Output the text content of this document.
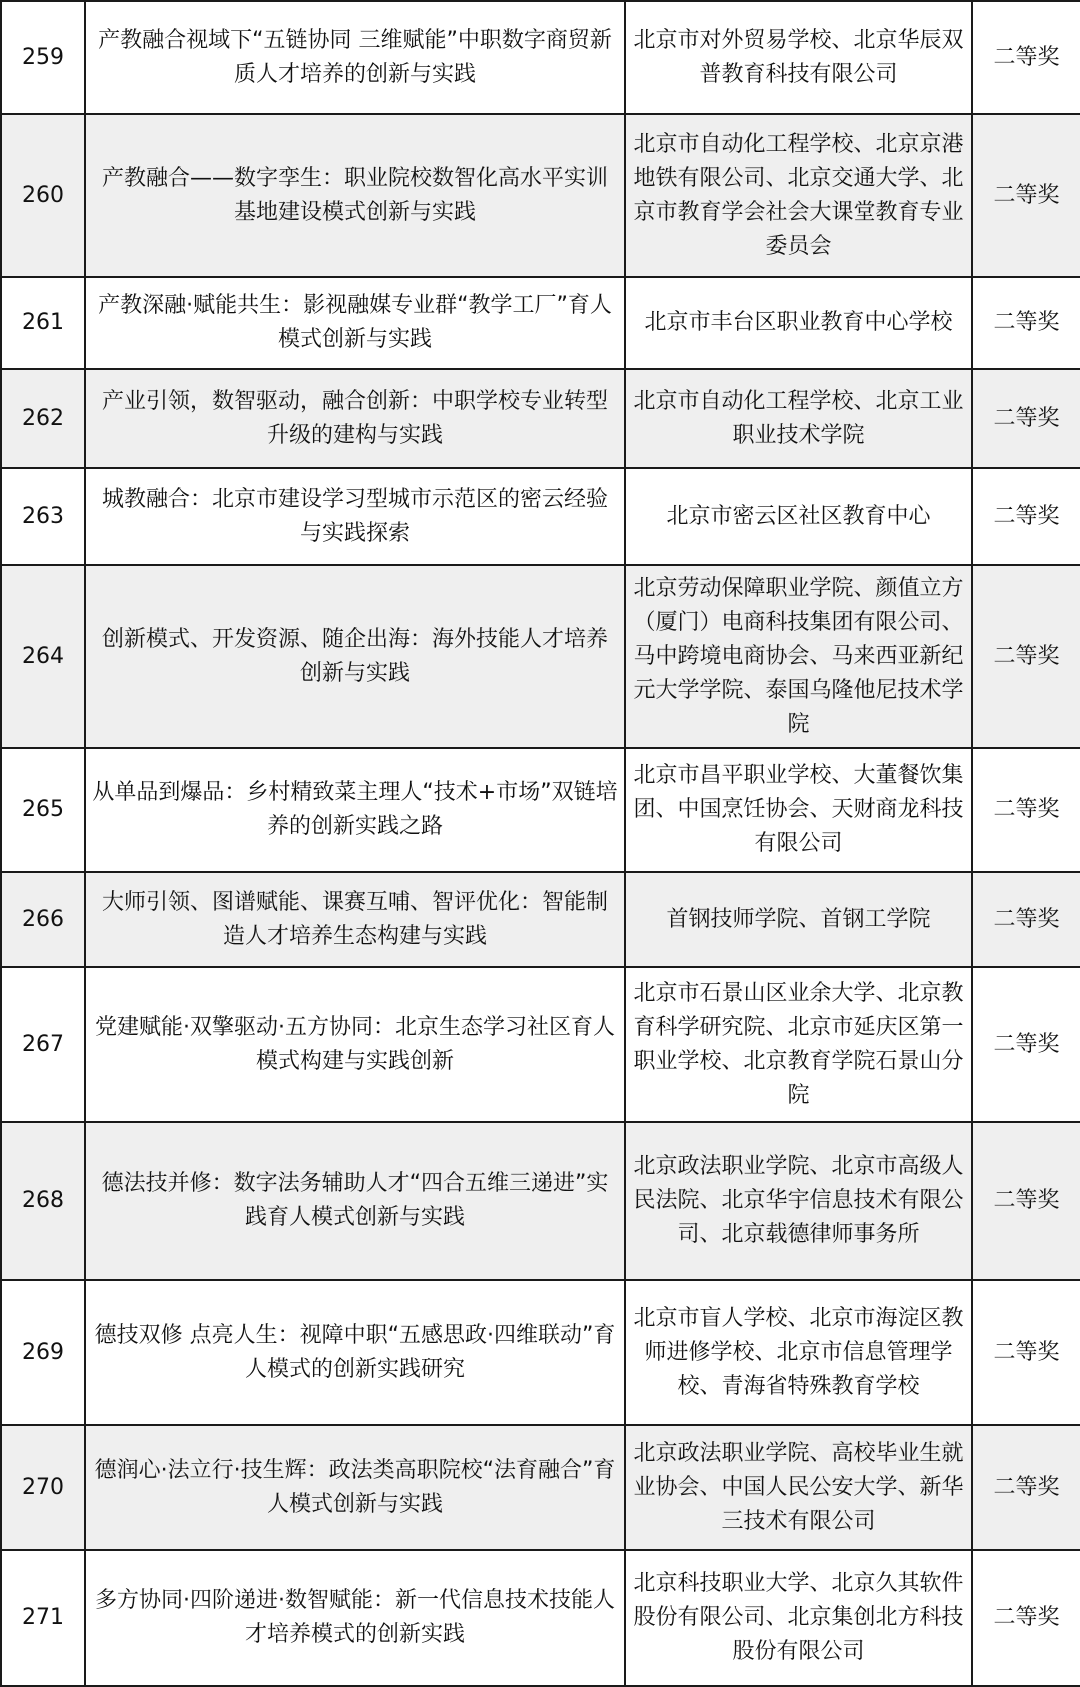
259	产教融合视域下“五链协同 三维赋能”中职数字商贸新质人才培养的创新与实践	北京市对外贸易学校、北京华辰双普教育科技有限公司	二等奖
260	产教融合——数字孪生：职业院校数智化高水平实训基地建设模式创新与实践	北京市自动化工程学校、北京京港地铁有限公司、北京交通大学、北京市教育学会社会大课堂教育专业委员会	二等奖
261	产教深融·赋能共生：影视融媒专业群“教学工厂”育人模式创新与实践	北京市丰台区职业教育中心学校	二等奖
262	产业引领，数智驱动，融合创新：中职学校专业转型升级的建构与实践	北京市自动化工程学校、北京工业职业技术学院	二等奖
263	城教融合：北京市建设学习型城市示范区的密云经验与实践探索	北京市密云区社区教育中心	二等奖
264	创新模式、开发资源、随企出海：海外技能人才培养创新与实践	北京劳动保障职业学院、颜值立方（厦门）电商科技集团有限公司、马中跨境电商协会、马来西亚新纪元大学学院、泰国乌隆他尼技术学院	二等奖
265	从单品到爆品：乡村精致菜主理人“技术+市场”双链培养的创新实践之路	北京市昌平职业学校、大董餐饮集团、中国烹饪协会、天财商龙科技有限公司	二等奖
266	大师引领、图谱赋能、课赛互哺、智评优化：智能制造人才培养生态构建与实践	首钢技师学院、首钢工学院	二等奖
267	党建赋能·双擎驱动·五方协同：北京生态学习社区育人模式构建与实践创新	北京市石景山区业余大学、北京教育科学研究院、北京市延庆区第一职业学校、北京教育学院石景山分院	二等奖
268	德法技并修：数字法务辅助人才“四合五维三递进”实践育人模式创新与实践	北京政法职业学院、北京市高级人民法院、北京华宇信息技术有限公司、北京载德律师事务所	二等奖
269	德技双修 点亮人生：视障中职“五感思政·四维联动”育人模式的创新实践研究	北京市盲人学校、北京市海淀区教师进修学校、北京市信息管理学校、青海省特殊教育学校	二等奖
270	德润心·法立行·技生辉：政法类高职院校“法育融合”育人模式创新与实践	北京政法职业学院、高校毕业生就业协会、中国人民公安大学、新华三技术有限公司	二等奖
271	多方协同·四阶递进·数智赋能：新一代信息技术技能人才培养模式的创新实践	北京科技职业大学、北京久其软件股份有限公司、北京集创北方科技股份有限公司	二等奖
